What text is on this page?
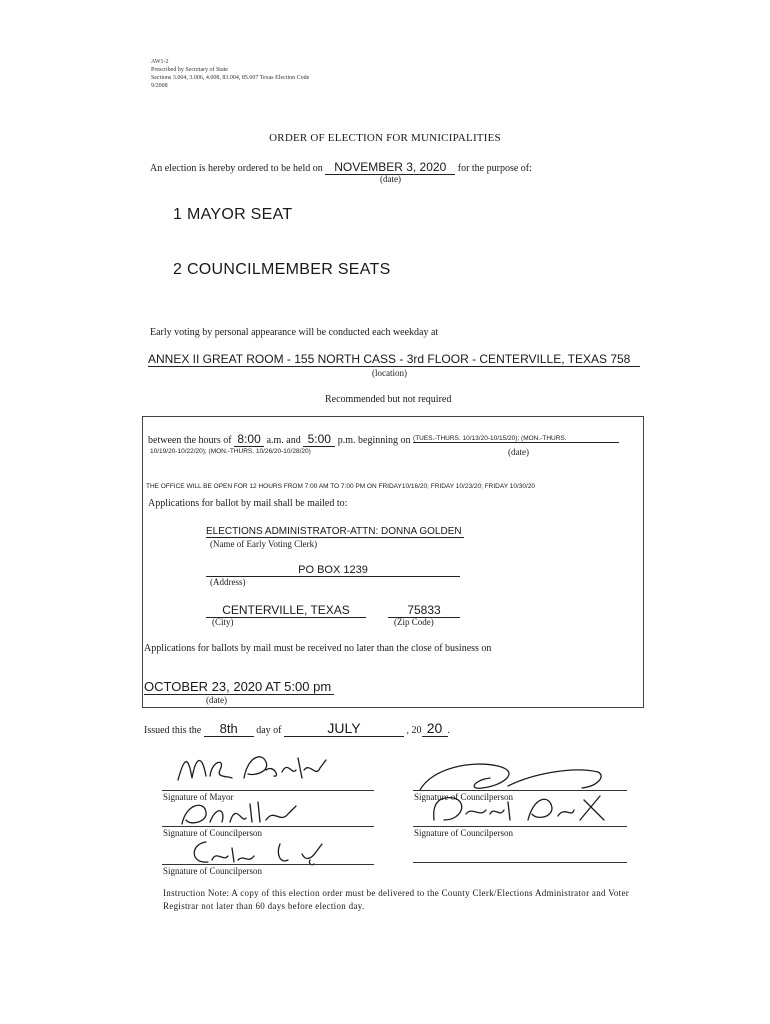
AW1-2
Prescribed by Secretary of State
Sections 3.004, 3.006, 4.008, 83.004, 85.007 Texas Election Code
9/2008
ORDER OF ELECTION FOR MUNICIPALITIES
An election is hereby ordered to be held on NOVEMBER 3, 2020 for the purpose of:
(date)
1 MAYOR SEAT
2 COUNCILMEMBER SEATS
Early voting by personal appearance will be conducted each weekday at
ANNEX II GREAT ROOM - 155 NORTH CASS - 3rd FLOOR - CENTERVILLE, TEXAS 758
(location)
Recommended but not required
between the hours of 8:00 a.m. and 5:00 p.m. beginning on (TUES.-THURS. 10/13/20-10/15/20); (MON.-THURS.
10/19/20-10/22/20); (MON.-THURS. 10/26/20-10/28/20)	(date)
THE OFFICE WILL BE OPEN FOR 12 HOURS FROM 7:00 AM TO 7:00 PM ON FRIDAY10/16/20; FRIDAY 10/23/20; FRIDAY 10/30/20
Applications for ballot by mail shall be mailed to:
ELECTIONS ADMINISTRATOR-ATTN: DONNA GOLDEN
(Name of Early Voting Clerk)
PO BOX 1239
(Address)
CENTERVILLE, TEXAS	75833
(City)	(Zip Code)
Applications for ballots by mail must be received no later than the close of business on
OCTOBER 23, 2020 AT 5:00 pm
(date)
Issued this the 8th day of	JULY	, 20 20 .
Signature of Mayor
Signature of Councilperson
Signature of Councilperson
Signature of Councilperson
Signature of Councilperson
Instruction Note: A copy of this election order must be delivered to the County Clerk/Elections Administrator and Voter Registrar not later than 60 days before election day.
